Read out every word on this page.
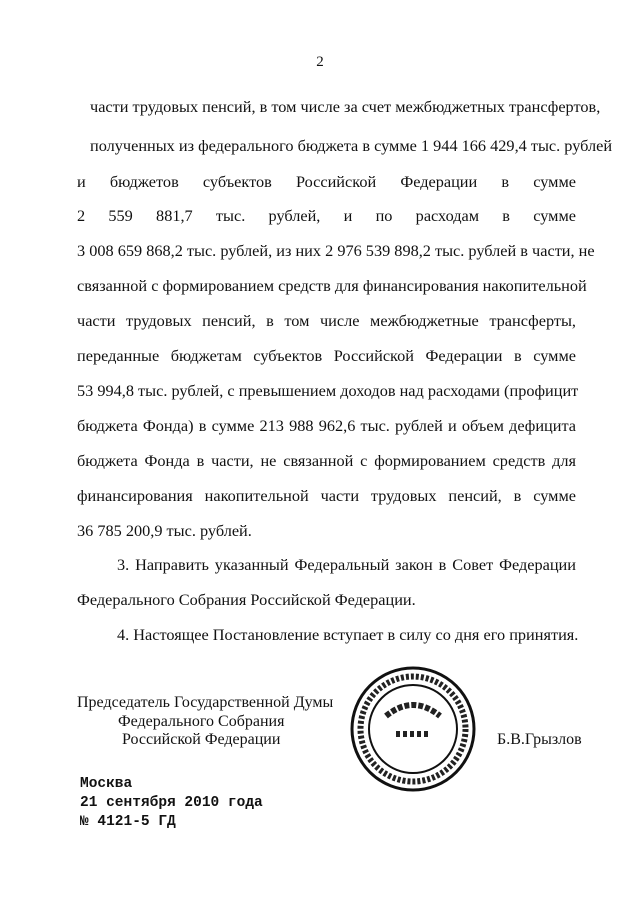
2
части трудовых пенсий, в том числе за счет межбюджетных трансфертов,
полученных из федерального бюджета в сумме 1 944 166 429,4 тыс. рублей
и бюджетов субъектов Российской Федерации в сумме
2 559 881,7 тыс. рублей, и по расходам в сумме
3 008 659 868,2 тыс. рублей, из них 2 976 539 898,2 тыс. рублей в части, не
связанной с формированием средств для финансирования накопительной
части трудовых пенсий, в том числе межбюджетные трансферты,
переданные бюджетам субъектов Российской Федерации в сумме
53 994,8 тыс. рублей, с превышением доходов над расходами (профицит
бюджета Фонда) в сумме 213 988 962,6 тыс. рублей и объем дефицита
бюджета Фонда в части, не связанной с формированием средств для
финансирования накопительной части трудовых пенсий, в сумме
36 785 200,9 тыс. рублей.
3. Направить указанный Федеральный закон в Совет Федерации
Федерального Собрания Российской Федерации.
4. Настоящее Постановление вступает в силу со дня его принятия.
Председатель Государственной Думы
Федерального Собрания
Российской Федерации	Б.В.Грызлов
Москва
21 сентября 2010 года
№ 4121-5 ГД
